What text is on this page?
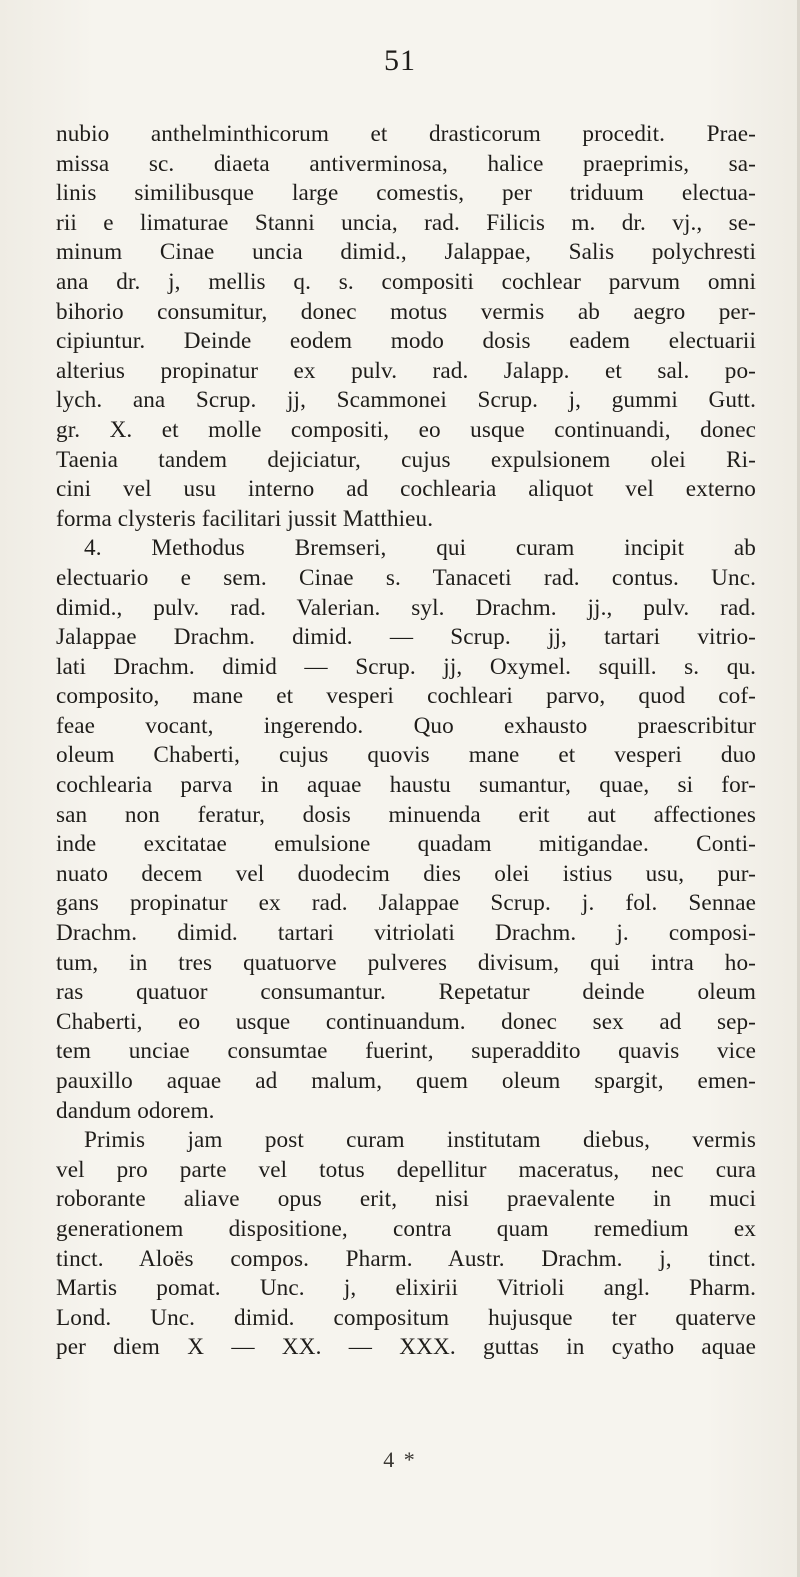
51
nubio anthelminthicorum et drasticorum procedit. Prae-
missa sc. diaeta antiverminosa, halice praeprimis, sa-
linis similibusque large comestis, per triduum electua-
rii e limaturae Stanni uncia, rad. Filicis m. dr. vj., se-
minum Cinae uncia dimid., Jalappae, Salis polychresti
ana dr. j, mellis q. s. compositi cochlear parvum omni
bihorio consumitur, donec motus vermis ab aegro per-
cipiuntur. Deinde eodem modo dosis eadem electuarii
alterius propinatur ex pulv. rad. Jalapp. et sal. po-
lych. ana Scrup. jj, Scammonei Scrup. j, gummi Gutt.
gr. X. et molle compositi, eo usque continuandi, donec
Taenia tandem dejiciatur, cujus expulsionem olei Ri-
cini vel usu interno ad cochlearia aliquot vel externo
forma clysteris facilitari jussit Matthieu.
4. Methodus Bremseri, qui curam incipit ab
electuario e sem. Cinae s. Tanaceti rad. contus. Unc.
dimid., pulv. rad. Valerian. syl. Drachm. jj., pulv. rad.
Jalappae Drachm. dimid. — Scrup. jj, tartari vitrio-
lati Drachm. dimid — Scrup. jj, Oxymel. squill. s. qu.
composito, mane et vesperi cochleari parvo, quod cof-
feae vocant, ingerendo. Quo exhausto praescribitur
oleum Chaberti, cujus quovis mane et vesperi duo
cochlearia parva in aquae haustu sumantur, quae, si for-
san non feratur, dosis minuenda erit aut affectiones
inde excitatae emulsione quadam mitigandae. Conti-
nuato decem vel duodecim dies olei istius usu, pur-
gans propinatur ex rad. Jalappae Scrup. j. fol. Sennae
Drachm. dimid. tartari vitriolati Drachm. j. composi-
tum, in tres quatuorve pulveres divisum, qui intra ho-
ras quatuor consumantur. Repetatur deinde oleum
Chaberti, eo usque continuandum. donec sex ad sep-
tem unciae consumtae fuerint, superaddito quavis vice
pauxillo aquae ad malum, quem oleum spargit, emen-
dandum odorem.
Primis jam post curam institutam diebus, vermis
vel pro parte vel totus depellitur maceratus, nec cura
roborante aliave opus erit, nisi praevalente in muci
generationem dispositione, contra quam remedium ex
tinct. Aloës compos. Pharm. Austr. Drachm. j, tinct.
Martis pomat. Unc. j, elixirii Vitrioli angl. Pharm.
Lond. Unc. dimid. compositum hujusque ter quaterve
per diem X — XX. — XXX. guttas in cyatho aquae
4 *
